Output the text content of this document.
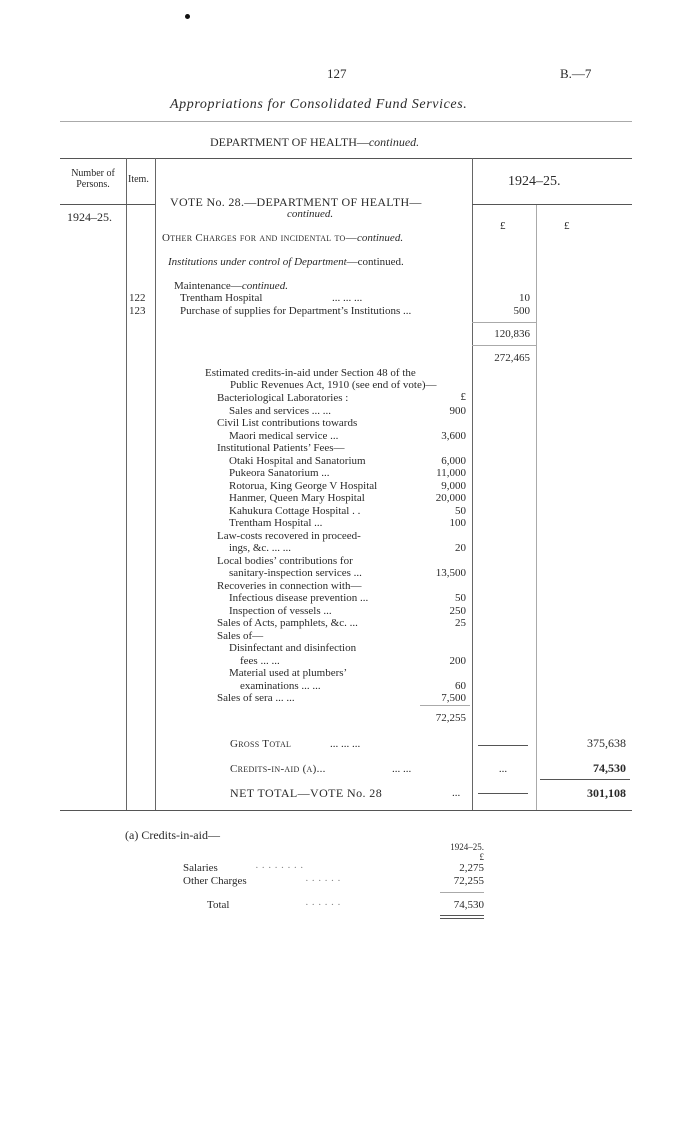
127	B.—7
Appropriations for Consolidated Fund Services.
DEPARTMENT OF HEALTH—continued.
Number of Persons.	Item.
1924–25.
1924–25.
£	£
VOTE No. 28.—DEPARTMENT OF HEALTH—
continued.
Other Charges for and incidental to—continued.
Institutions under control of Department—continued.
Maintenance—continued.
122	Trentham Hospital	... ... ...	10
123	Purchase of supplies for Department’s Institutions ...	500
120,836
272,465
Estimated credits-in-aid under Section 48 of the
Public Revenues Act, 1910 (see end of vote)—
£
Bacteriological Laboratories :
Sales and services ... ...	900
Civil List contributions towards
Maori medical service ...	3,600
Institutional Patients’ Fees—
Otaki Hospital and Sanatorium	6,000
Pukeora Sanatorium ...	11,000
Rotorua, King George V Hospital	9,000
Hanmer, Queen Mary Hospital	20,000
Kahukura Cottage Hospital . .	50
Trentham Hospital ...	100
Law-costs recovered in proceed-
ings, &c. ... ...	20
Local bodies’ contributions for
sanitary-inspection services ...	13,500
Recoveries in connection with—
Infectious disease prevention ...	50
Inspection of vessels ...	250
Sales of Acts, pamphlets, &c. ...	25
Sales of—
Disinfectant and disinfection
fees ... ...	200
Material used at plumbers’
examinations ... ...	60
Sales of sera ... ...	7,500
72,255
Gross Total	... ... ...	375,638
Credits-in-aid (a)...	... ...	...	74,530
NET TOTAL—VOTE No. 28	...	301,108
(a) Credits-in-aid—
1924–25.
£
Salaries	· · · · · · · ·	2,275
Other Charges	· · · · · ·	72,255
Total	· · · · · ·	74,530
